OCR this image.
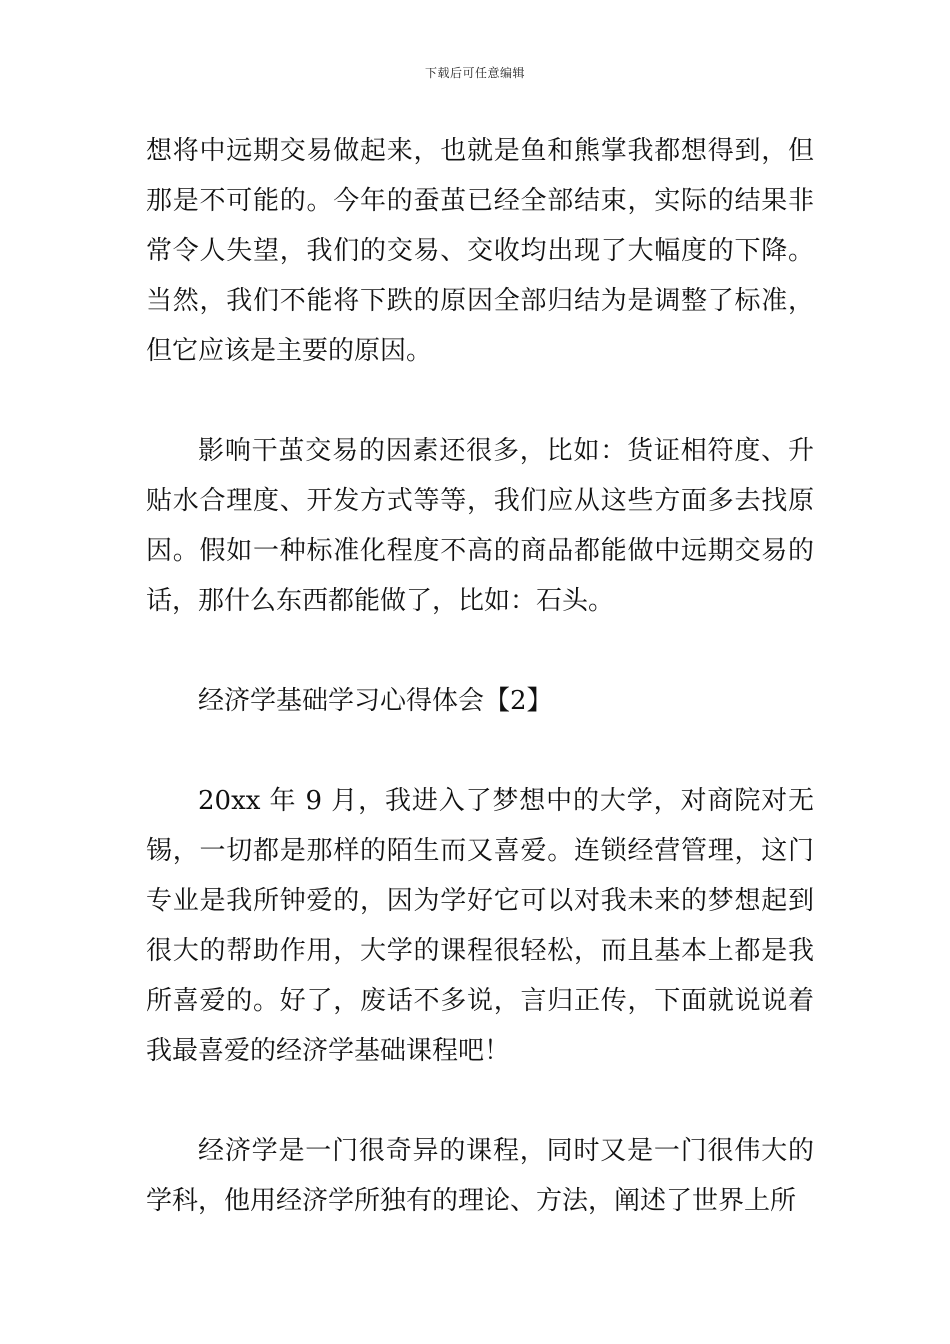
下载后可任意编辑

想将中远期交易做起来，也就是鱼和熊掌我都想得到，但那是不可能的。今年的蚕茧已经全部结束，实际的结果非常令人失望，我们的交易、交收均出现了大幅度的下降。当然，我们不能将下跌的原因全部归结为是调整了标准，但它应该是主要的原因。

影响干茧交易的因素还很多，比如：货证相符度、升贴水合理度、开发方式等等，我们应从这些方面多去找原因。假如一种标准化程度不高的商品都能做中远期交易的话，那什么东西都能做了，比如：石头。

经济学基础学习心得体会【2】

20xx 年 9 月，我进入了梦想中的大学，对商院对无锡，一切都是那样的陌生而又喜爱。连锁经营管理，这门专业是我所钟爱的，因为学好它可以对我未来的梦想起到很大的帮助作用，大学的课程很轻松，而且基本上都是我所喜爱的。好了，废话不多说，言归正传，下面就说说着我最喜爱的经济学基础课程吧！

经济学是一门很奇异的课程，同时又是一门很伟大的学科，他用经济学所独有的理论、方法，阐述了世界上所
